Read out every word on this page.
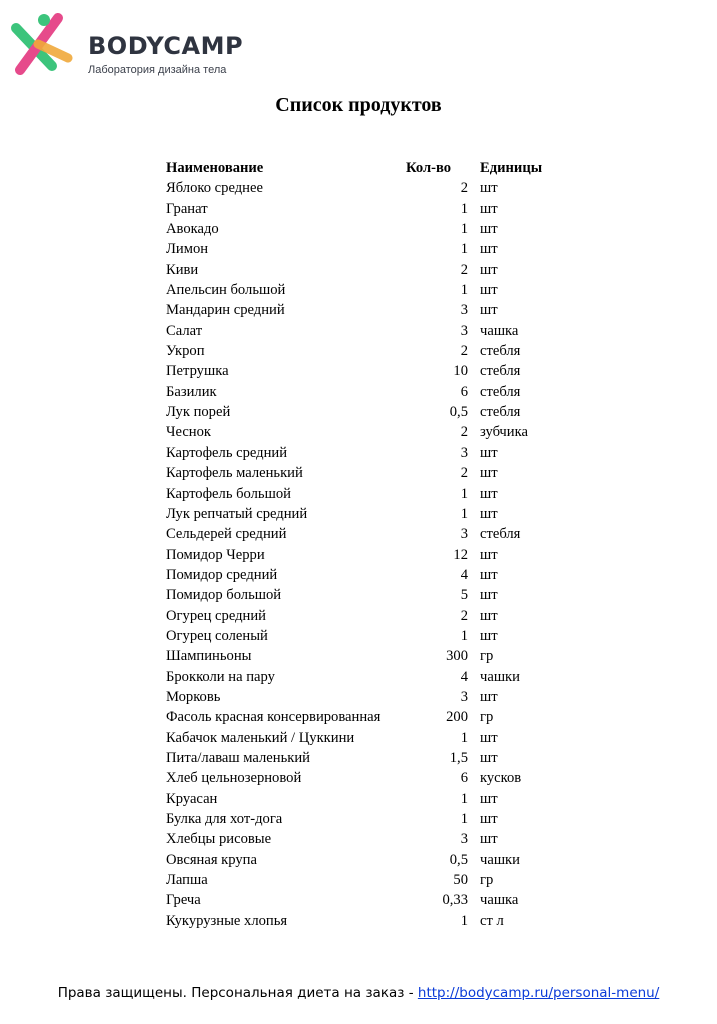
BODYCAMP
Лаборатория дизайна тела
Список продуктов
Наименование	Кол-во	Единицы
Яблоко среднее	2	шт
Гранат	1	шт
Авокадо	1	шт
Лимон	1	шт
Киви	2	шт
Апельсин большой	1	шт
Мандарин средний	3	шт
Салат	3	чашка
Укроп	2	стебля
Петрушка	10	стебля
Базилик	6	стебля
Лук порей	0,5	стебля
Чеснок	2	зубчика
Картофель средний	3	шт
Картофель маленький	2	шт
Картофель большой	1	шт
Лук репчатый средний	1	шт
Сельдерей средний	3	стебля
Помидор Черри	12	шт
Помидор средний	4	шт
Помидор большой	5	шт
Огурец средний	2	шт
Огурец соленый	1	шт
Шампиньоны	300	гр
Брокколи на пару	4	чашки
Морковь	3	шт
Фасоль красная консервированная	200	гр
Кабачок маленький / Цуккини	1	шт
Пита/лаваш маленький	1,5	шт
Хлеб цельнозерновой	6	кусков
Круасан	1	шт
Булка для хот-дога	1	шт
Хлебцы рисовые	3	шт
Овсяная крупа	0,5	чашки
Лапша	50	гр
Греча	0,33	чашка
Кукурузные хлопья	1	ст л
Права защищены. Персональная диета на заказ - http://bodycamp.ru/personal-menu/
